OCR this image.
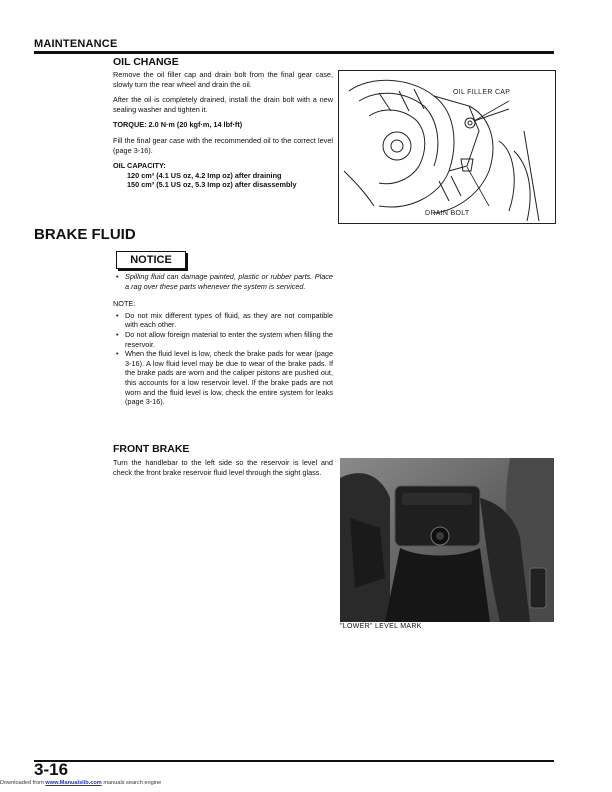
MAINTENANCE
OIL CHANGE

Remove the oil filler cap and drain bolt from the final gear case, slowly turn the rear wheel and drain the oil.

After the oil is completely drained, install the drain bolt with a new sealing washer and tighten it.

TORQUE: 2.0 N·m (20 kgf·m, 14 lbf·ft)

Fill the final gear case with the recommended oil to the correct level (page 3-16).

OIL CAPACITY:

120 cm³ (4.1 US oz, 4.2 Imp oz) after draining

150 cm³ (5.1 US oz, 5.3 Imp oz) after disassembly

OIL FILLER CAP
DRAIN BOLT
BRAKE FLUID
NOTICE
• Spilling fluid can damage painted, plastic or rubber parts. Place a rag over these parts whenever the system is serviced.

NOTE:

• Do not mix different types of fluid, as they are not compatible with each other.
• Do not allow foreign material to enter the system when filling the reservoir.
• When the fluid level is low, check the brake pads for wear (page 3-16). A low fluid level may be due to wear of the brake pads. If the brake pads are worn and the caliper pistons are pushed out, this accounts for a low reservoir level. If the brake pads are not worn and the fluid level is low, check the entire system for leaks (page 3-16).
FRONT BRAKE

Turn the handlebar to the left side so the reservoir is level and check the front brake reservoir fluid level through the sight glass.

"LOWER" LEVEL MARK
3-16
Downloaded from www.Manualslib.com manuals search engine
